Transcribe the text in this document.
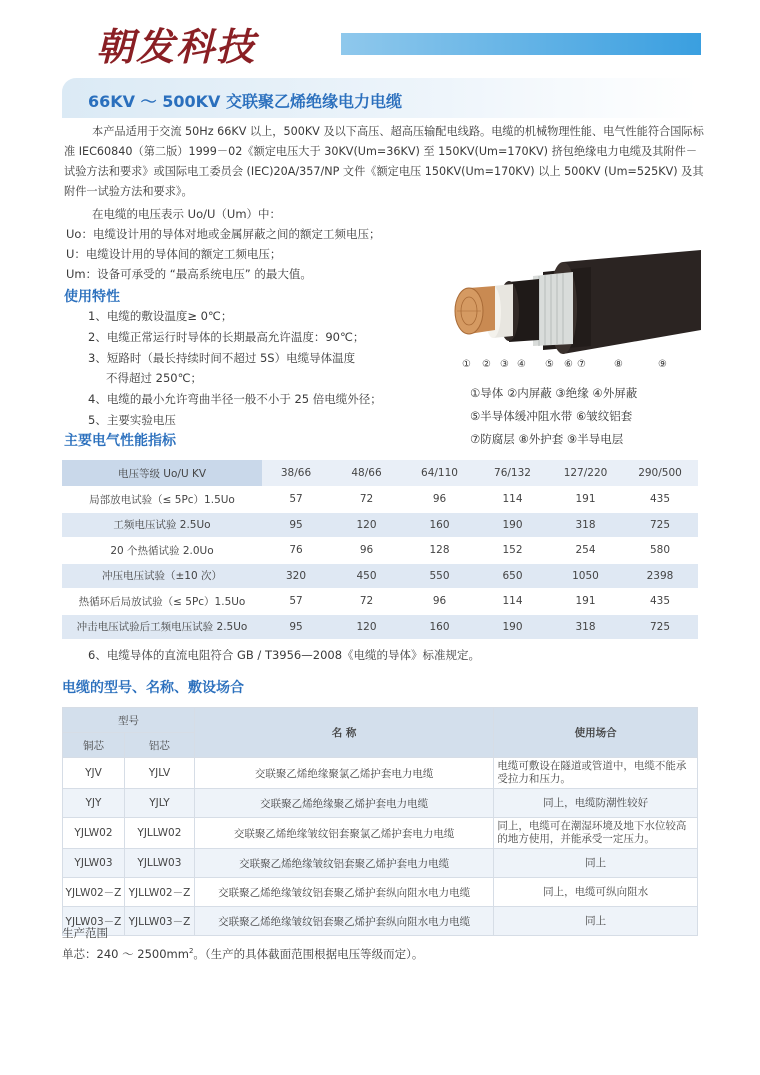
朝发科技
66KV ～ 500KV 交联聚乙烯绝缘电力电缆
本产品适用于交流 50Hz 66KV 以上，500KV 及以下高压、超高压输配电线路。电缆的机械物理性能、电气性能符合国际标准 IEC60840（第二版）1999－02《额定电压大于 30KV(Um=36KV) 至 150KV(Um=170KV) 挤包绝缘电力电缆及其附件－试验方法和要求》或国际电工委员会 (IEC)20A/357/NP 文件《额定电压 150KV(Um=170KV) 以上 500KV (Um=525KV) 及其附件一试验方法和要求》。
在电缆的电压表示 Uo/U（Um）中：
Uo：电缆设计用的导体对地或金属屏蔽之间的额定工频电压；
U：电缆设计用的导体间的额定工频电压；
Um：设备可承受的 “最高系统电压” 的最大值。
使用特性
1、电缆的敷设温度≥ 0℃；
2、电缆正常运行时导体的长期最高允许温度：90℃；
3、短路时（最长持续时间不超过 5S）电缆导体温度
不得超过 250℃；
4、电缆的最小允许弯曲半径一般不小于 25 倍电缆外径；
5、主要实验电压
① ② ③ ④ ⑤ ⑥ ⑦	⑧	⑨
①导体 ②内屏蔽 ③绝缘 ④外屏蔽
⑤半导体缓冲阻水带 ⑥皱纹铝套
⑦防腐层 ⑧外护套 ⑨半导电层
主要电气性能指标
电压等级 Uo/U KV	38/66	48/66	64/110	76/132	127/220	290/500
局部放电试验（≤ 5Pc）1.5Uo	57	72	96	114	191	435
工频电压试验 2.5Uo	95	120	160	190	318	725
20 个热循试验 2.0Uo	76	96	128	152	254	580
冲压电压试验（±10 次）	320	450	550	650	1050	2398
热循环后局放试验（≤ 5Pc）1.5Uo	57	72	96	114	191	435
冲击电压试验后工频电压试验 2.5Uo	95	120	160	190	318	725
6、电缆导体的直流电阻符合 GB / T3956—2008《电缆的导体》标准规定。
电缆的型号、名称、敷设场合
型号		名 称	使用场合
铜芯	铝芯		
YJV	YJLV	交联聚乙烯绝缘聚氯乙烯护套电力电缆	电缆可敷设在隧道或管道中，电缆不能承受拉力和压力。
YJY	YJLY	交联聚乙烯绝缘聚乙烯护套电力电缆	同上，电缆防潮性较好
YJLW02	YJLLW02	交联聚乙烯绝缘皱纹铝套聚氯乙烯护套电力电缆	同上，电缆可在潮湿环境及地下水位较高的地方使用，并能承受一定压力。
YJLW03	YJLLW03	交联聚乙烯绝缘皱纹铝套聚乙烯护套电力电缆	同上
YJLW02－Z	YJLLW02－Z	交联聚乙烯绝缘皱纹铝套聚乙烯护套纵向阻水电力电缆	同上，电缆可纵向阻水
YJLW03－Z	YJLLW03－Z	交联聚乙烯绝缘皱纹铝套聚乙烯护套纵向阻水电力电缆	同上
生产范围
单芯：240 ～ $2500mm^2$。（生产的具体截面范围根据电压等级而定）。
